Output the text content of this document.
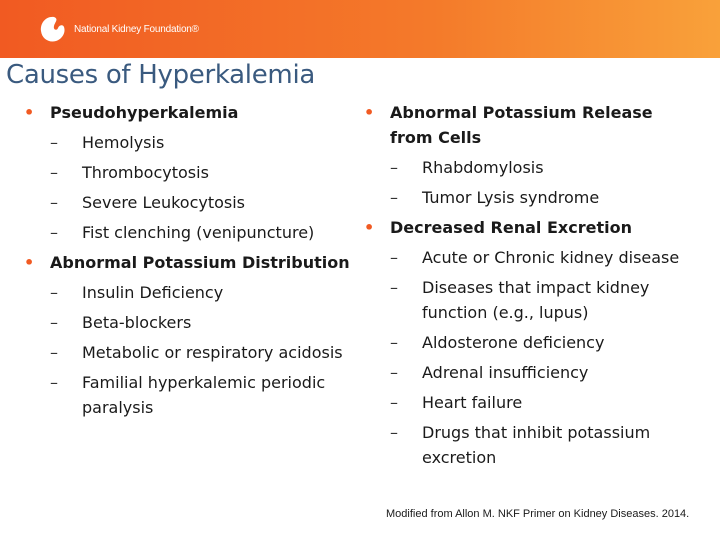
National Kidney Foundation®
Causes of Hyperkalemia
• Pseudohyperkalemia
– Hemolysis
– Thrombocytosis
– Severe Leukocytosis
– Fist clenching (venipuncture)
• Abnormal Potassium Distribution
– Insulin Deficiency
– Beta-blockers
– Metabolic or respiratory acidosis
– Familial hyperkalemic periodic paralysis
• Abnormal Potassium Release from Cells
– Rhabdomylosis
– Tumor Lysis syndrome
• Decreased Renal Excretion
– Acute or Chronic kidney disease
– Diseases that impact kidney function (e.g., lupus)
– Aldosterone deficiency
– Adrenal insufficiency
– Heart failure
– Drugs that inhibit potassium excretion

Modified from Allon M. NKF Primer on Kidney Diseases. 2014.
